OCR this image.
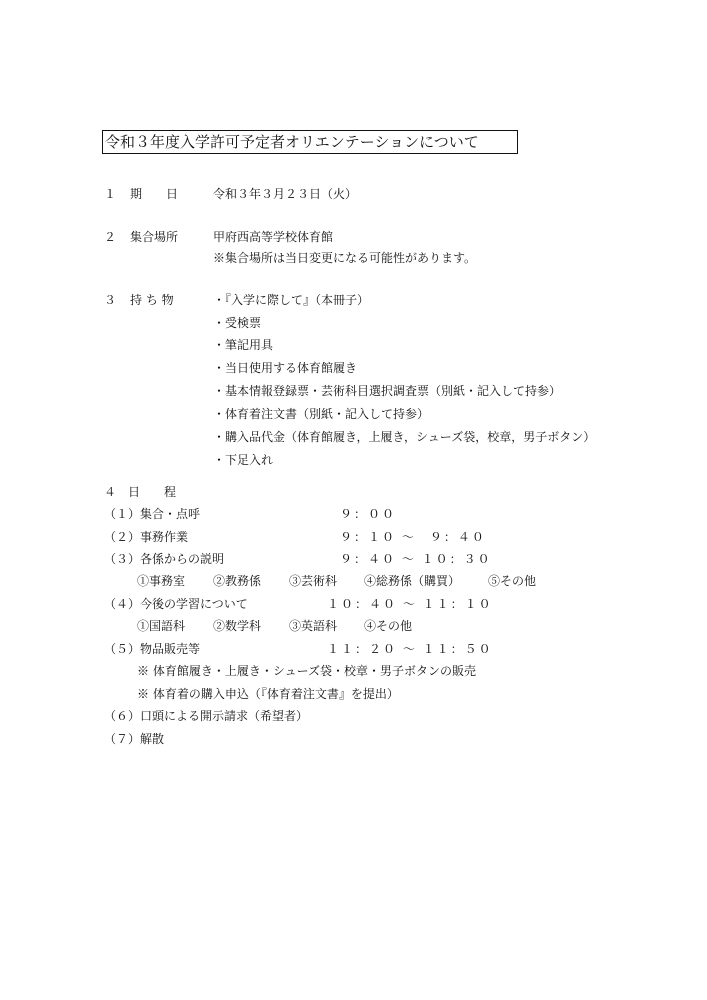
令和３年度入学許可予定者オリエンテーションについて
１ 期　　日	令和３年３月２３日（火）
２ 集合場所	甲府西高等学校体育館
※集合場所は当日変更になる可能性があります。
３ 持 ち 物	・『入学に際して』（本冊子）
・受検票
・筆記用具
・当日使用する体育館履き
・基本情報登録票・芸術科目選択調査票（別紙・記入して持参）
・体育着注文書（別紙・記入して持参）
・購入品代金（体育館履き，上履き，シューズ袋，校章，男子ボタン）
・下足入れ
４　日　　程
（１）集合・点呼	９：００
（２）事務作業	９：１０ 〜　９：４０
（３）各係からの説明	９：４０ 〜 １０：３０
①事務室 ②教務係 ③芸術科 ④総務係（購買） ⑤その他
（４）今後の学習について	１０：４０ 〜 １１：１０
①国語科 ②数学科 ③英語科 ④その他
（５）物品販売等	１１：２０ 〜 １１：５０
※ 体育館履き・上履き・シューズ袋・校章・男子ボタンの販売
※ 体育着の購入申込（『体育着注文書』を提出）
（６）口頭による開示請求（希望者）
（７）解散
